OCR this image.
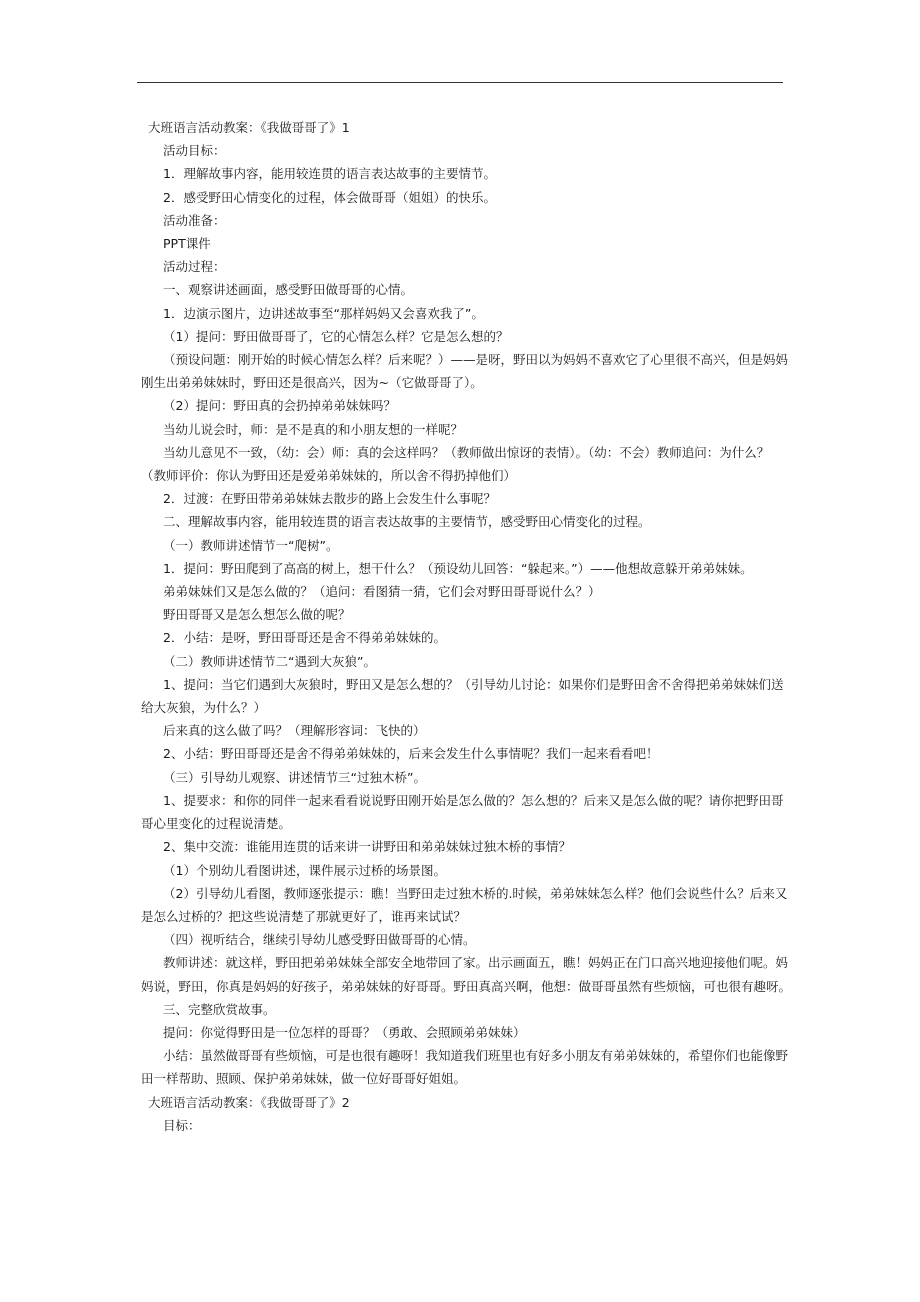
大班语言活动教案：《我做哥哥了》1

活动目标：

1．理解故事内容，能用较连贯的语言表达故事的主要情节。

2．感受野田心情变化的过程，体会做哥哥（姐姐）的快乐。

活动准备：

PPT课件

活动过程：

一、观察讲述画面，感受野田做哥哥的心情。

1．边演示图片，边讲述故事至“那样妈妈又会喜欢我了”。

（1）提问：野田做哥哥了，它的心情怎么样？它是怎么想的？

（预设问题：刚开始的时候心情怎么样？后来呢？）——是呀，野田以为妈妈不喜欢它了心里很不高兴，但是妈妈刚生出弟弟妹妹时，野田还是很高兴，因为~（它做哥哥了）。

（2）提问：野田真的会扔掉弟弟妹妹吗？

当幼儿说会时，师：是不是真的和小朋友想的一样呢？

当幼儿意见不一致，（幼：会）师：真的会这样吗？（教师做出惊讶的表情）。（幼：不会）教师追问：为什么？（教师评价：你认为野田还是爱弟弟妹妹的，所以舍不得扔掉他们）

2．过渡：在野田带弟弟妹妹去散步的路上会发生什么事呢？

二、理解故事内容，能用较连贯的语言表达故事的主要情节，感受野田心情变化的过程。

（一）教师讲述情节一“爬树”。

1．提问：野田爬到了高高的树上，想干什么？（预设幼儿回答：“躲起来。”）——他想故意躲开弟弟妹妹。

弟弟妹妹们又是怎么做的？（追问：看图猜一猜，它们会对野田哥哥说什么？）

野田哥哥又是怎么想怎么做的呢？

2．小结：是呀，野田哥哥还是舍不得弟弟妹妹的。

（二）教师讲述情节二“遇到大灰狼”。

1、提问：当它们遇到大灰狼时，野田又是怎么想的？（引导幼儿讨论：如果你们是野田舍不舍得把弟弟妹妹们送给大灰狼，为什么？）

后来真的这么做了吗？（理解形容词：飞快的）

2、小结：野田哥哥还是舍不得弟弟妹妹的，后来会发生什么事情呢？我们一起来看看吧！

（三）引导幼儿观察、讲述情节三“过独木桥”。

1、提要求：和你的同伴一起来看看说说野田刚开始是怎么做的？怎么想的？后来又是怎么做的呢？请你把野田哥哥心里变化的过程说清楚。

2、集中交流：谁能用连贯的话来讲一讲野田和弟弟妹妹过独木桥的事情？

（1）个别幼儿看图讲述，课件展示过桥的场景图。

（2）引导幼儿看图，教师逐张提示：瞧！当野田走过独木桥的.时候，弟弟妹妹怎么样？他们会说些什么？后来又是怎么过桥的？把这些说清楚了那就更好了，谁再来试试？

（四）视听结合，继续引导幼儿感受野田做哥哥的心情。

教师讲述：就这样，野田把弟弟妹妹全部安全地带回了家。出示画面五，瞧！妈妈正在门口高兴地迎接他们呢。妈妈说，野田，你真是妈妈的好孩子，弟弟妹妹的好哥哥。野田真高兴啊，他想：做哥哥虽然有些烦恼，可也很有趣呀。

三、完整欣赏故事。

提问：你觉得野田是一位怎样的哥哥？（勇敢、会照顾弟弟妹妹）

小结：虽然做哥哥有些烦恼，可是也很有趣呀！我知道我们班里也有好多小朋友有弟弟妹妹的，希望你们也能像野田一样帮助、照顾、保护弟弟妹妹，做一位好哥哥好姐姐。

大班语言活动教案：《我做哥哥了》2

目标：
